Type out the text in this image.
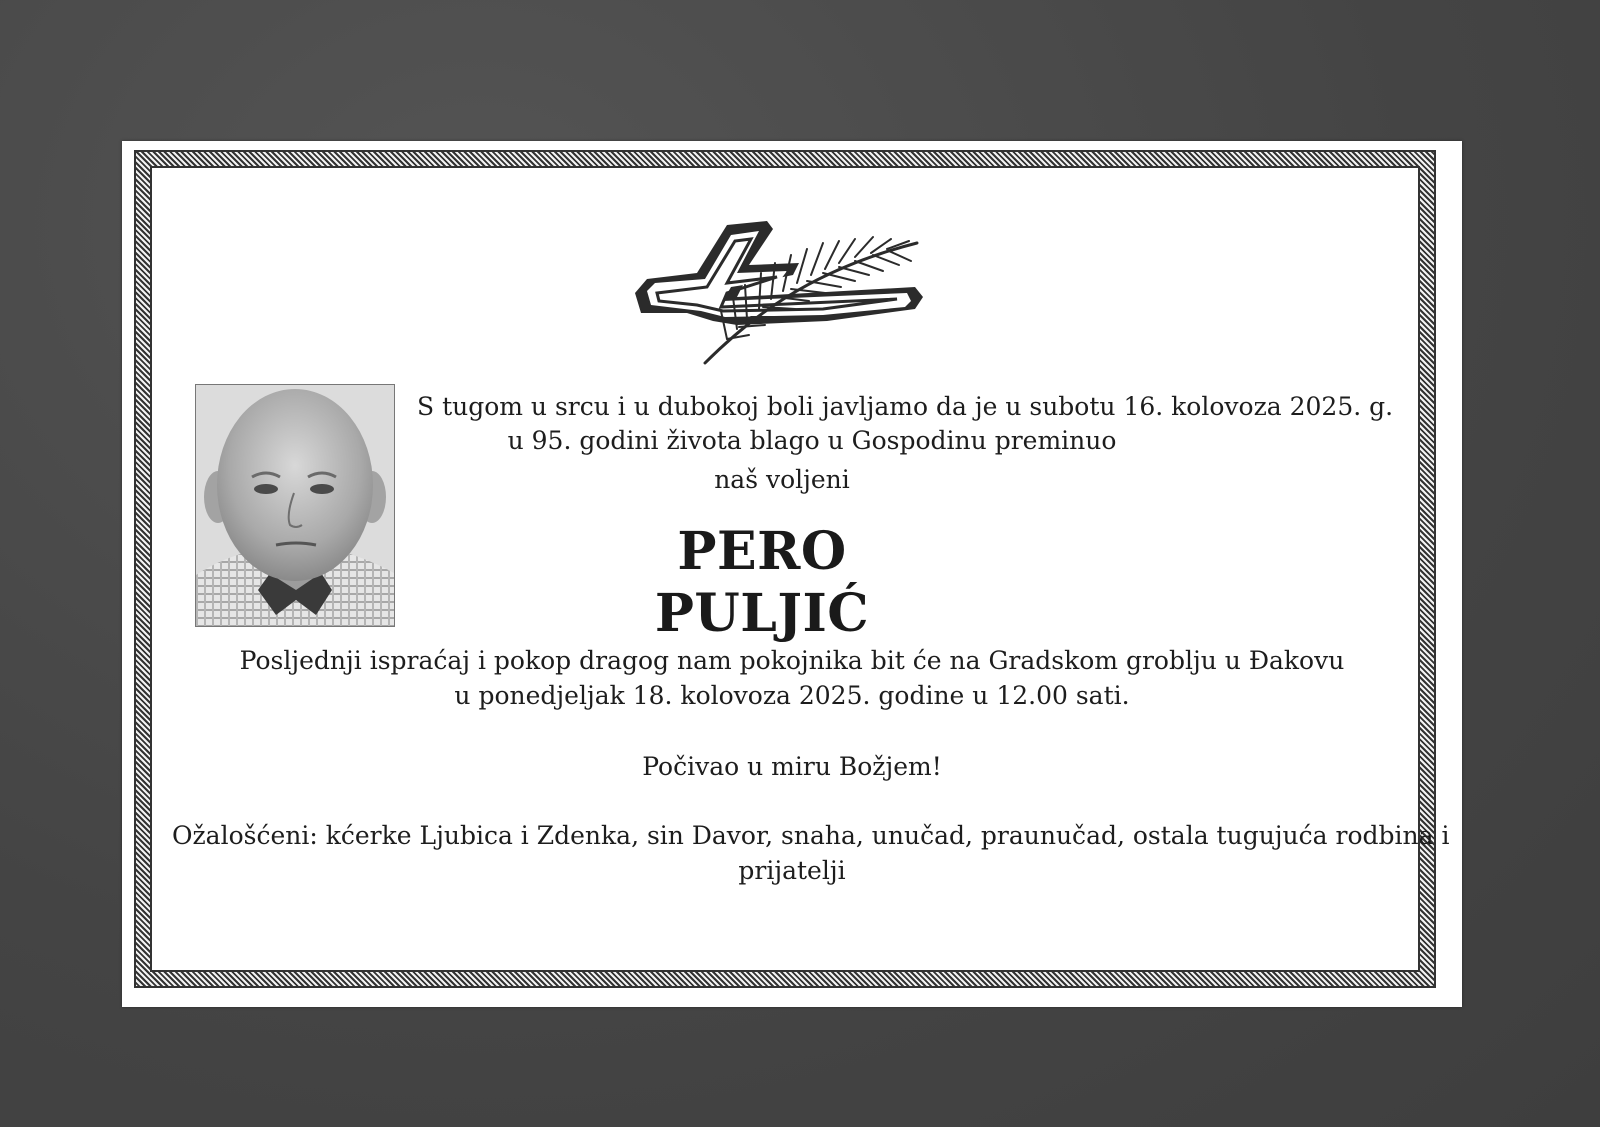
S tugom u srcu i u dubokoj boli javljamo da je u subotu 16. kolovoza 2025. g.
u 95. godini života blago u Gospodinu preminuo
naš voljeni
PERO PULJIĆ
Posljednji ispraćaj i pokop dragog nam pokojnika bit će na Gradskom groblju u Đakovu
u ponedjeljak 18. kolovoza 2025. godine u 12.00 sati.
Počivao u miru Božjem!
Ožalošćeni: kćerke Ljubica i Zdenka, sin Davor, snaha, unučad, praunučad, ostala tugujuća rodbina i
prijatelji
